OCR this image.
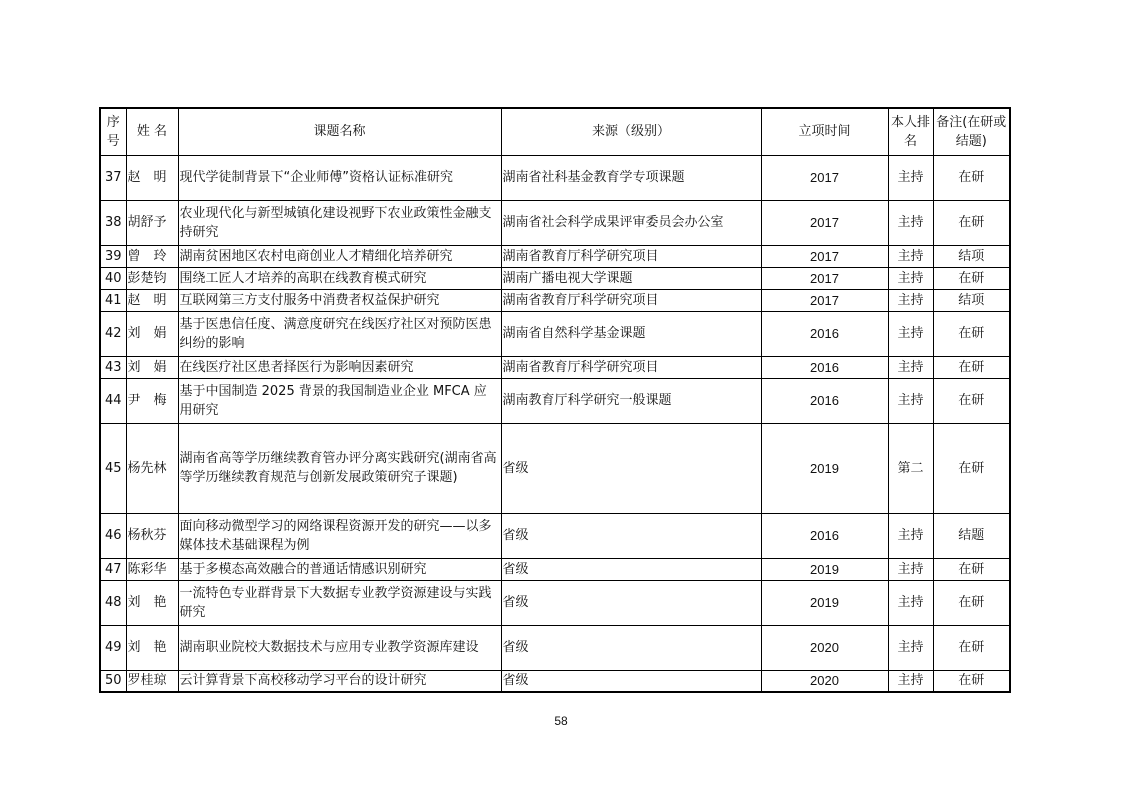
序号	姓 名	课题名称	来源（级别）	立项时间	本人排名	备注(在研或结题)
37	赵　明	现代学徒制背景下“企业师傅”资格认证标准研究	湖南省社科基金教育学专项课题	2017	主持	在研
38	胡舒予	农业现代化与新型城镇化建设视野下农业政策性金融支持研究	湖南省社会科学成果评审委员会办公室	2017	主持	在研
39	曾　玲	湖南贫困地区农村电商创业人才精细化培养研究	湖南省教育厅科学研究项目	2017	主持	结项
40	彭楚钧	围绕工匠人才培养的高职在线教育模式研究	湖南广播电视大学课题	2017	主持	在研
41	赵　明	互联网第三方支付服务中消费者权益保护研究	湖南省教育厅科学研究项目	2017	主持	结项
42	刘　娟	基于医患信任度、满意度研究在线医疗社区对预防医患纠纷的影响	湖南省自然科学基金课题	2016	主持	在研
43	刘　娟	在线医疗社区患者择医行为影响因素研究	湖南省教育厅科学研究项目	2016	主持	在研
44	尹　梅	基于中国制造 2025 背景的我国制造业企业 MFCA 应用研究	湖南教育厅科学研究一般课题	2016	主持	在研
45	杨先林	湖南省高等学历继续教育管办评分离实践研究(湖南省高等学历继续教育规范与创新发展政策研究子课题)	省级	2019	第二	在研
46	杨秋芬	面向移动微型学习的网络课程资源开发的研究——以多媒体技术基础课程为例	省级	2016	主持	结题
47	陈彩华	基于多模态高效融合的普通话情感识别研究	省级	2019	主持	在研
48	刘　艳	一流特色专业群背景下大数据专业教学资源建设与实践研究	省级	2019	主持	在研
49	刘　艳	湖南职业院校大数据技术与应用专业教学资源库建设	省级	2020	主持	在研
50	罗桂琼	云计算背景下高校移动学习平台的设计研究	省级	2020	主持	在研
58
